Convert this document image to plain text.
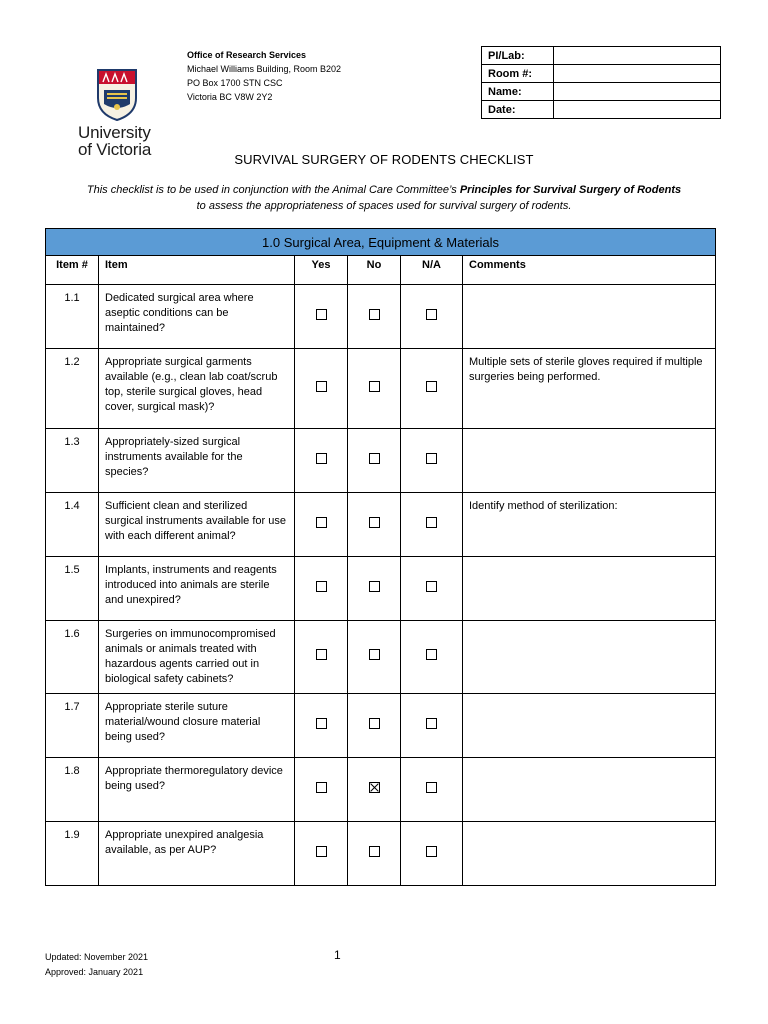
University
of Victoria
Office of Research Services
Michael Williams Building, Room B202
PO Box 1700 STN CSC
Victoria BC V8W 2Y2
PI/Lab:	
Room #:	
Name:	
Date:	
SURVIVAL SURGERY OF RODENTS CHECKLIST
This checklist is to be used in conjunction with the Animal Care Committee’s Principles for Survival Surgery of Rodents
to assess the appropriateness of spaces used for survival surgery of rodents.
1.0 Surgical Area, Equipment & Materials					
Item #	Item	Yes	No	N/A	Comments
1.1	Dedicated surgical area where aseptic conditions can be maintained?				
1.2	Appropriate surgical garments available (e.g., clean lab coat/scrub top, sterile surgical gloves, head cover, surgical mask)?				Multiple sets of sterile gloves required if multiple surgeries being performed.
1.3	Appropriately-sized surgical instruments available for the species?				
1.4	Sufficient clean and sterilized surgical instruments available for use with each different animal?				Identify method of sterilization:
1.5	Implants, instruments and reagents introduced into animals are sterile and unexpired?				
1.6	Surgeries on immunocompromised animals or animals treated with hazardous agents carried out in biological safety cabinets?				
1.7	Appropriate sterile suture material/wound closure material being used?				
1.8	Appropriate thermoregulatory device being used?				
1.9	Appropriate unexpired analgesia available, as per AUP?				
Updated: November 2021
Approved: January 2021
1
